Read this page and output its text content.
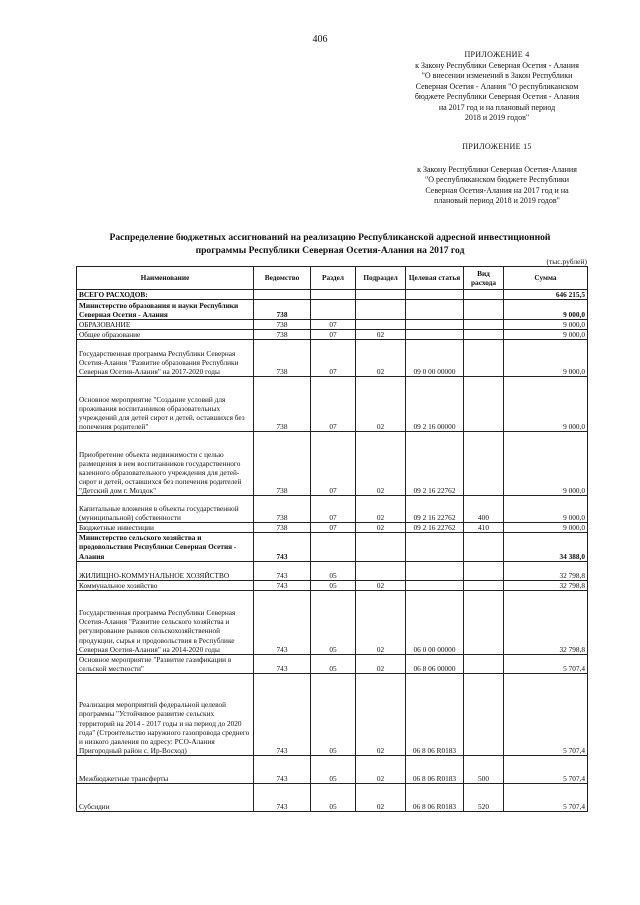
406
ПРИЛОЖЕНИЕ 4
к Закону Республики Северная Осетия - Алания
"О внесении изменений в Закон Республики
Северная Осетия - Алания "О республиканском
бюджете Республики Северная Осетия - Алания
на 2017 год и на плановый период
2018 и 2019 годов"
ПРИЛОЖЕНИЕ 15
к Закону Республики Северная Осетия-Алания
"О республиканском бюджете Республики
Северная Осетия-Алания на 2017 год и на
плановый период 2018 и 2019 годов"
Распределение бюджетных ассигнований на реализацию Республиканской адресной инвестиционной
программы Республики Северная Осетия-Алания на 2017 год
(тыс.рублей)
Наименование	Ведомство	Раздел	Подраздел	Целевая статья	Вид расхода	Сумма
ВСЕГО РАСХОДОВ:						646 215,5
Министерство образования и науки Республики Северная Осетия - Алания	738					9 000,0
ОБРАЗОВАНИЕ	738	07				9 000,0
Общее образование	738	07	02			9 000,0
Государственная программа Республики Северная Осетия-Алания "Развитие образования Республики Северная Осетия-Алания" на 2017-2020 годы	738	07	02	09 0 00 00000		9 000,0
Основное мероприятие "Создание условий для проживания воспитанников образовательных учреждений для детей сирот и детей, оставшихся без попечения родителей"	738	07	02	09 2 16 00000		9 000,0
Приобретение объекта недвижимости с целью размещения в нем воспитанников государственного казенного образовательного учреждения для детей-сирот и детей, оставшихся без попечения родителей "Детский дом г. Моздок"	738	07	02	09 2 16 22762		9 000,0
Капитальные вложения в объекты государственной (муниципальной) собственности	738	07	02	09 2 16 22762	400	9 000,0
Бюджетные инвестиции	738	07	02	09 2 16 22762	410	9 000,0
Министерство сельского хозяйства и продовольствия Республики Северная Осетия - Алания	743					34 388,0
ЖИЛИЩНО-КОММУНАЛЬНОЕ ХОЗЯЙСТВО	743	05				32 798,8
Коммунальное хозяйство	743	05	02			32 798,8
Государственная программа Республики Северная Осетия-Алания "Развитие сельского хозяйства и регулирование рынков сельскохозяйственной продукции, сырья и продовольствия в Республике Северная Осетия-Алания" на 2014-2020 годы	743	05	02	06 0 00 00000		32 798,8
Основное мероприятие "Развитие газификации в сельской местности"	743	05	02	06 8 06 00000		5 707,4
Реализация мероприятий федеральной целевой программы "Устойчивое развитие сельских территорий на 2014 - 2017 годы и на период до 2020 года" (Строительство наружного газопровода среднего и низкого давления по адресу: РСО-Алания Пригородный район с. Ир-Восход)	743	05	02	06 8 06 R0183		5 707,4
Межбюджетные трансферты	743	05	02	06 8 06 R0183	500	5 707,4
Субсидии	743	05	02	06 8 06 R0183	520	5 707,4
